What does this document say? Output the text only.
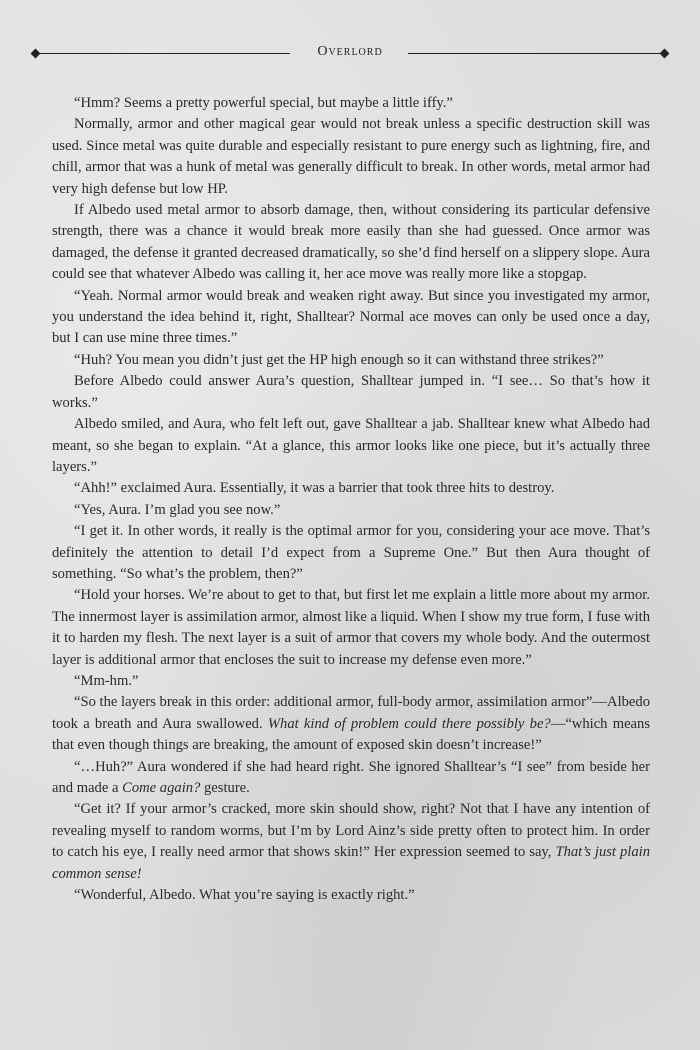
Overlord

“Hmm? Seems a pretty powerful special, but maybe a little iffy.”

Normally, armor and other magical gear would not break unless a specific destruction skill was used. Since metal was quite durable and especially resistant to pure energy such as lightning, fire, and chill, armor that was a hunk of metal was generally difficult to break. In other words, metal armor had very high defense but low HP.

If Albedo used metal armor to absorb damage, then, without considering its particular defensive strength, there was a chance it would break more easily than she had guessed. Once armor was damaged, the defense it granted decreased dramatically, so she’d find herself on a slippery slope. Aura could see that whatever Albedo was calling it, her ace move was really more like a stopgap.

“Yeah. Normal armor would break and weaken right away. But since you investigated my armor, you understand the idea behind it, right, Shalltear? Normal ace moves can only be used once a day, but I can use mine three times.”

“Huh? You mean you didn’t just get the HP high enough so it can withstand three strikes?”

Before Albedo could answer Aura’s question, Shalltear jumped in. “I see… So that’s how it works.”

Albedo smiled, and Aura, who felt left out, gave Shalltear a jab. Shalltear knew what Albedo had meant, so she began to explain. “At a glance, this armor looks like one piece, but it’s actually three layers.”

“Ahh!” exclaimed Aura. Essentially, it was a barrier that took three hits to destroy.

“Yes, Aura. I’m glad you see now.”

“I get it. In other words, it really is the optimal armor for you, considering your ace move. That’s definitely the attention to detail I’d expect from a Supreme One.” But then Aura thought of something. “So what’s the problem, then?”

“Hold your horses. We’re about to get to that, but first let me explain a little more about my armor. The innermost layer is assimilation armor, almost like a liquid. When I show my true form, I fuse with it to harden my flesh. The next layer is a suit of armor that covers my whole body. And the outermost layer is additional armor that encloses the suit to increase my defense even more.”

“Mm-hm.”

“So the layers break in this order: additional armor, full-body armor, assimilation armor”—Albedo took a breath and Aura swallowed. What kind of problem could there possibly be?—“which means that even though things are breaking, the amount of exposed skin doesn’t increase!”

“…Huh?” Aura wondered if she had heard right. She ignored Shalltear’s “I see” from beside her and made a Come again? gesture.

“Get it? If your armor’s cracked, more skin should show, right? Not that I have any intention of revealing myself to random worms, but I’m by Lord Ainz’s side pretty often to protect him. In order to catch his eye, I really need armor that shows skin!” Her expression seemed to say, That’s just plain common sense!

“Wonderful, Albedo. What you’re saying is exactly right.”
